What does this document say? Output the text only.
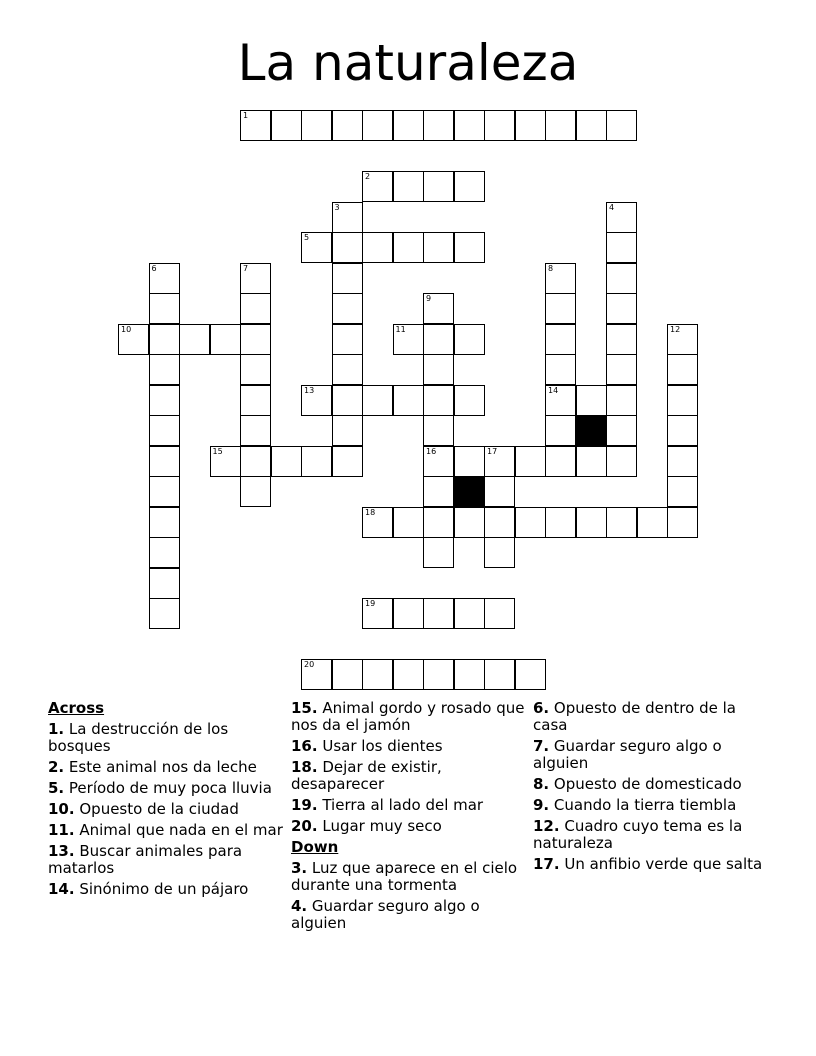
La naturaleza
1
2
5
10	11
13	14
15	16	17
18
19
20
3	4
6	7	8
9
12
Across
1. La destrucción de los bosques
2. Este animal nos da leche
5. Período de muy poca lluvia
10. Opuesto de la ciudad
11. Animal que nada en el mar
13. Buscar animales para matarlos
14. Sinónimo de un pájaro
15. Animal gordo y rosado que nos da el jamón
16. Usar los dientes
18. Dejar de existir, desaparecer
19. Tierra al lado del mar
20. Lugar muy seco
Down
3. Luz que aparece en el cielo durante una tormenta
4. Guardar seguro algo o alguien
6. Opuesto de dentro de la casa
7. Guardar seguro algo o alguien
8. Opuesto de domesticado
9. Cuando la tierra tiembla
12. Cuadro cuyo tema es la naturaleza
17. Un anfibio verde que salta
